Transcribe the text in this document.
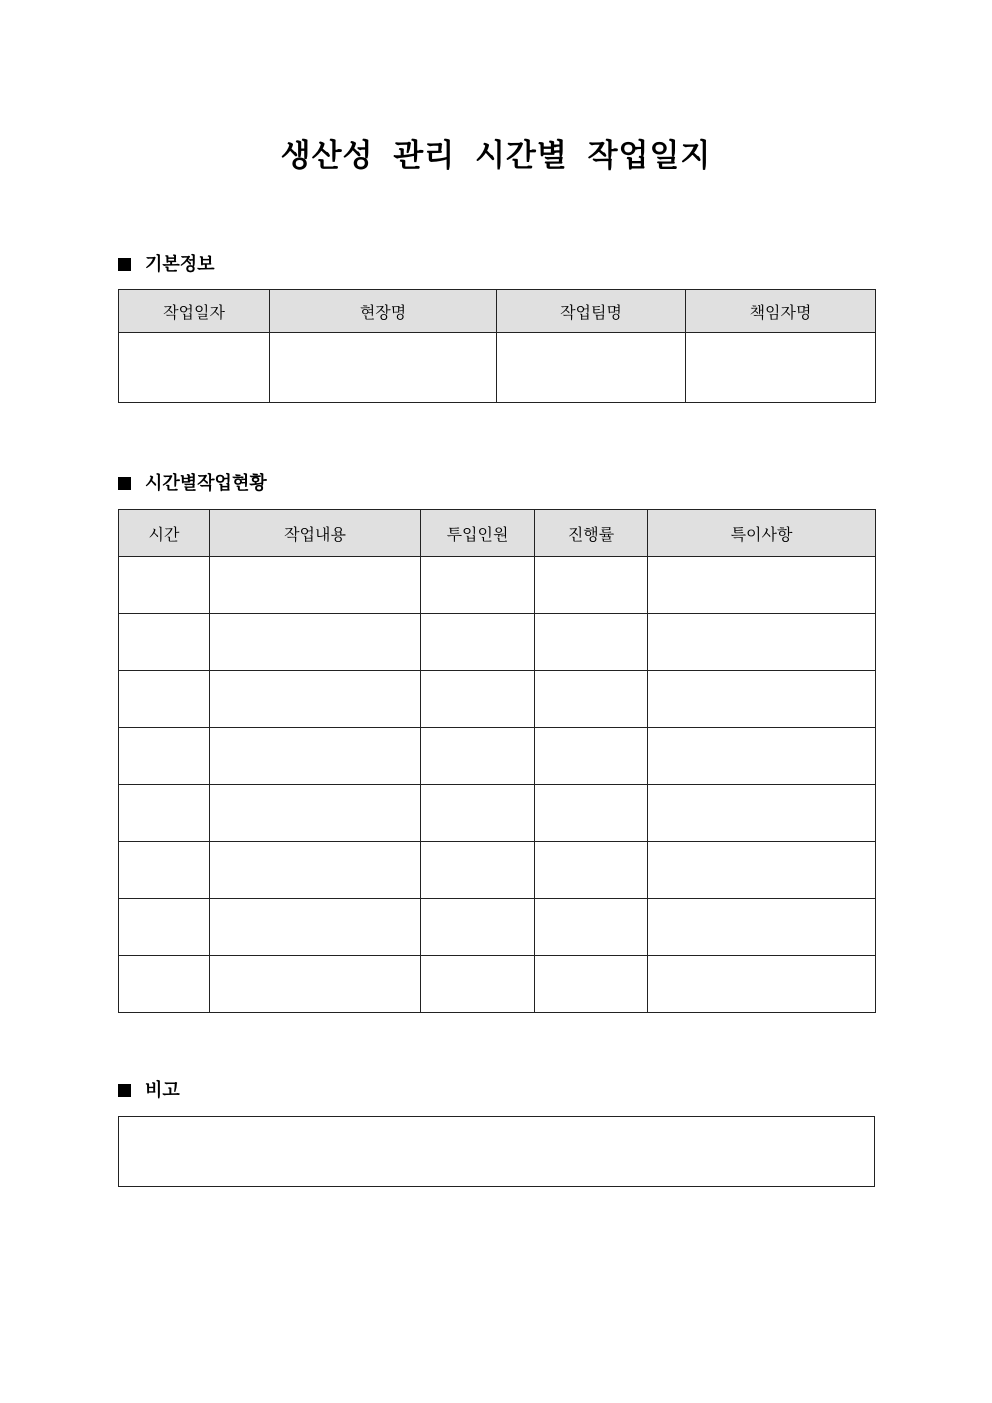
생산성 관리 시간별 작업일지
기본정보
작업일자	현장명	작업팀명	책임자명

시간별작업현황
시간	작업내용	투입인원	진행률	특이사항

비고
